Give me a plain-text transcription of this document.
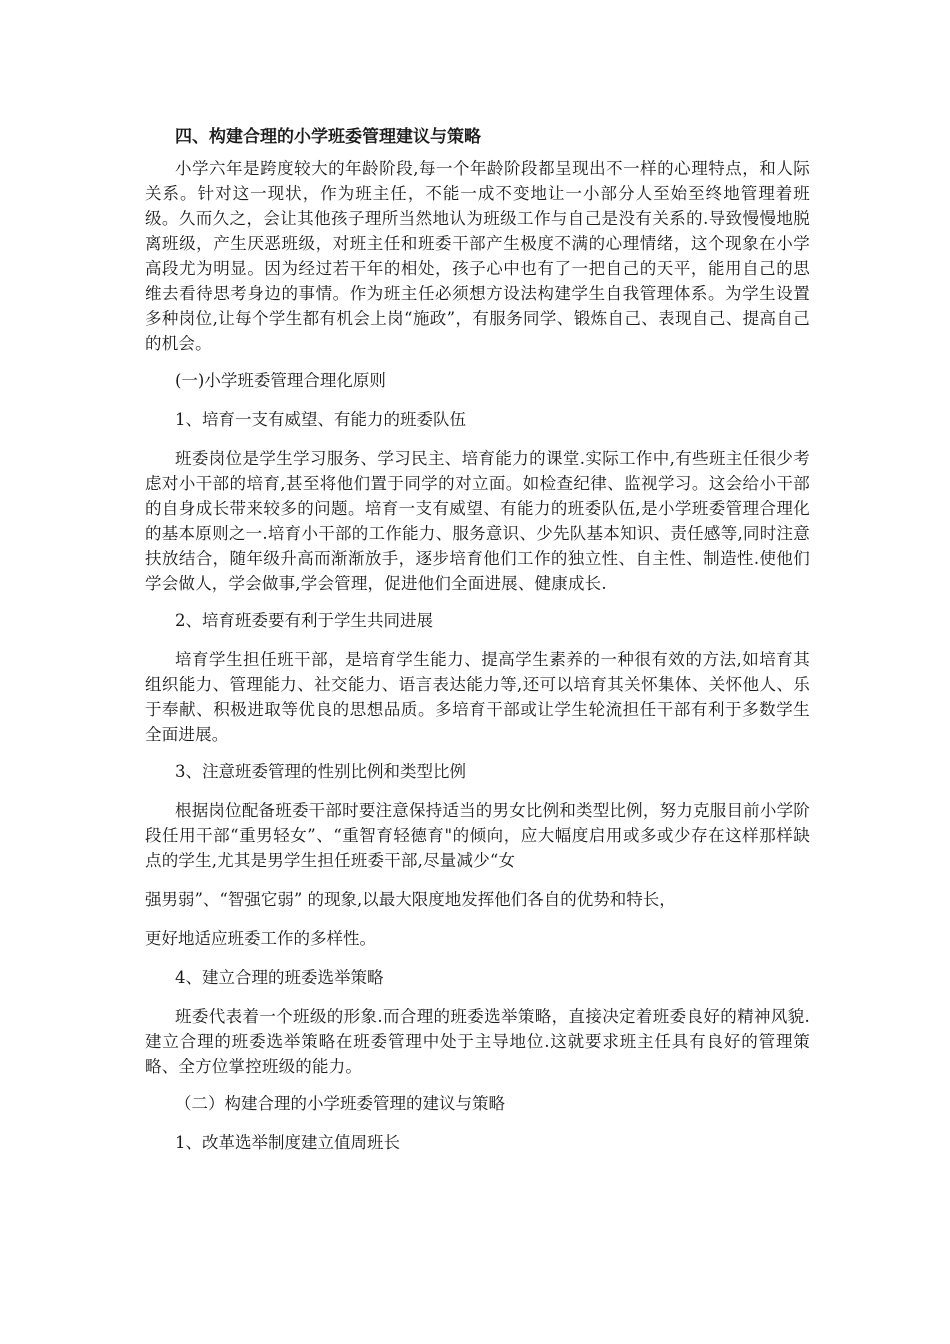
四、构建合理的小学班委管理建议与策略

小学六年是跨度较大的年龄阶段,每一个年龄阶段都呈现出不一样的心理特点，和人际关系。针对这一现状，作为班主任，不能一成不变地让一小部分人至始至终地管理着班级。久而久之，会让其他孩子理所当然地认为班级工作与自己是没有关系的.导致慢慢地脱离班级，产生厌恶班级，对班主任和班委干部产生极度不满的心理情绪，这个现象在小学高段尤为明显。因为经过若干年的相处，孩子心中也有了一把自己的天平，能用自己的思维去看待思考身边的事情。作为班主任必须想方设法构建学生自我管理体系。为学生设置多种岗位,让每个学生都有机会上岗“施政”，有服务同学、锻炼自己、表现自己、提高自己的机会。

(一)小学班委管理合理化原则

1、培育一支有威望、有能力的班委队伍

班委岗位是学生学习服务、学习民主、培育能力的课堂.实际工作中,有些班主任很少考虑对小干部的培育,甚至将他们置于同学的对立面。如检查纪律、监视学习。这会给小干部的自身成长带来较多的问题。培育一支有威望、有能力的班委队伍,是小学班委管理合理化的基本原则之一.培育小干部的工作能力、服务意识、少先队基本知识、责任感等,同时注意扶放结合，随年级升高而渐渐放手，逐步培育他们工作的独立性、自主性、制造性.使他们学会做人，学会做事,学会管理，促进他们全面进展、健康成长.

2、培育班委要有利于学生共同进展

培育学生担任班干部，是培育学生能力、提高学生素养的一种很有效的方法,如培育其组织能力、管理能力、社交能力、语言表达能力等,还可以培育其关怀集体、关怀他人、乐于奉献、积极进取等优良的思想品质。多培育干部或让学生轮流担任干部有利于多数学生全面进展。

3、注意班委管理的性别比例和类型比例

根据岗位配备班委干部时要注意保持适当的男女比例和类型比例，努力克服目前小学阶段任用干部“重男轻女”、“重智育轻德育"的倾向，应大幅度启用或多或少存在这样那样缺点的学生,尤其是男学生担任班委干部,尽量减少“女

强男弱”、“智强它弱” 的现象,以最大限度地发挥他们各自的优势和特长，

更好地适应班委工作的多样性。

4、建立合理的班委选举策略

班委代表着一个班级的形象.而合理的班委选举策略，直接决定着班委良好的精神风貌.建立合理的班委选举策略在班委管理中处于主导地位.这就要求班主任具有良好的管理策略、全方位掌控班级的能力。

（二）构建合理的小学班委管理的建议与策略

1、改革选举制度建立值周班长
